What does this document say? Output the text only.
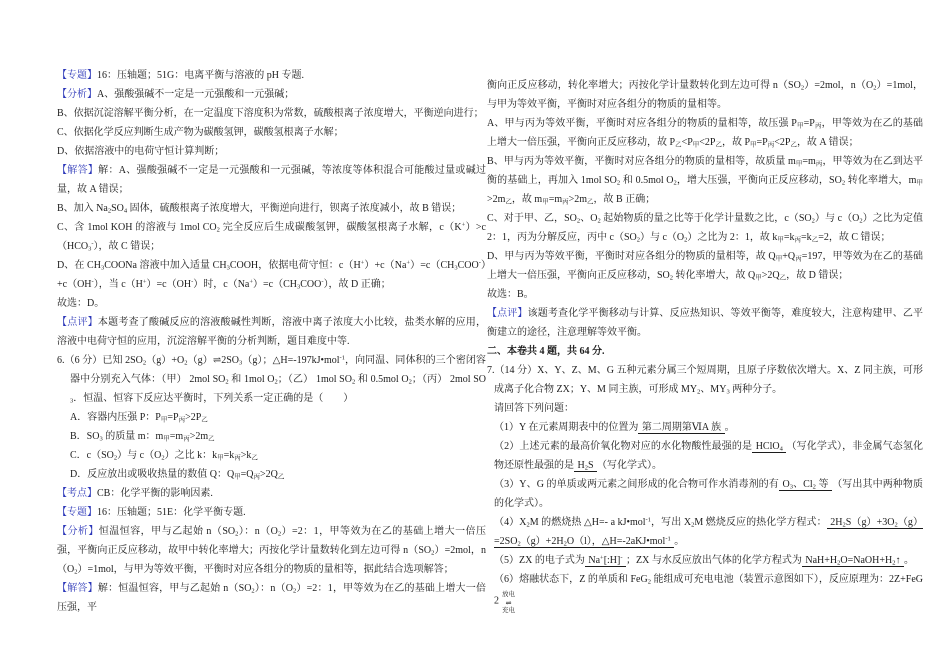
【专题】16：压轴题；51G：电离平衡与溶液的 pH 专题.

【分析】A、强酸强碱不一定是一元强酸和一元强碱；

B、依据沉淀溶解平衡分析，在一定温度下溶度积为常数，硫酸根离子浓度增大，平衡逆向进行；

C、依据化学反应判断生成产物为碳酸氢钾，碳酸氢根离子水解；

D、依据溶液中的电荷守恒计算判断；

【解答】解：A、强酸强碱不一定是一元强酸和一元强碱，等浓度等体积混合可能酸过量或碱过量，故 A 错误；

B、加入 $Na_2SO_4$ 固体，硫酸根离子浓度增大，平衡逆向进行，钡离子浓度减小，故 B 错误；

C、含 1mol KOH 的溶液与 1mol $CO_2$ 完全反应后生成碳酸氢钾，碳酸氢根离子水解，$c(K^+)>c(HCO_3^-)$，故 C 错误；

D、在 $CH_3COONa$ 溶液中加入适量 $CH_3COOH$，依据电荷守恒：$c(H^+)+c(Na^+)=c(CH_3COO^-)+c(OH^-)$，当 c（H+）=c（OH-）时，$c(Na^+)=c(CH_3COO^-)$，故 D 正确；

故选：D。

【点评】本题考查了酸碱反应的溶液酸碱性判断，溶液中离子浓度大小比较，盐类水解的应用，溶液中电荷守恒的应用，沉淀溶解平衡的分析判断，题目难度中等.

6.（6 分）已知 $2SO_2(g)+O_2(g)\rightleftharpoons 2SO_3(g)$；△H=-197kJ•mol$^{-1}$，向同温、同体积的三个密闭容器中分别充入气体：（甲） 2mol $SO_2$ 和 1mol $O_2$；（乙） 1mol $SO_2$ 和 0.5mol $O_2$；（丙） 2mol $SO_3$．恒温、恒容下反应达平衡时，下列关系一定正确的是（　　）

A．容器内压强 P：$P_甲=P_丙>2P_乙$

B．$SO_3$ 的质量 m：$m_甲=m_丙>2m_乙$

C．$c(SO_2)$与 $c(O_2)$之比 k：$k_甲=k_丙>k_乙$

D．反应放出或吸收热量的数值 Q：$Q_甲=Q_丙>2Q_乙$

【考点】CB：化学平衡的影响因素.

【专题】16：压轴题；51E：化学平衡专题.

【分析】恒温恒容，甲与乙起始 $n(SO_2)$：$n(O_2)=2$：1，甲等效为在乙的基础上增大一倍压强，平衡向正反应移动，故甲中转化率增大；丙按化学计量数转化到左边可得 $n(SO_2)=2mol$，$n(O_2)=1mol$，与甲为等效平衡，平衡时对应各组分的物质的量相等，据此结合选项解答；

【解答】解：恒温恒容，甲与乙起始 $n(SO_2)$：$n(O_2)=2$：1，甲等效为在乙的基础上增大一倍压强，平

衡向正反应移动，转化率增大；丙按化学计量数转化到左边可得 $n(SO_2)=2mol$，$n(O_2)=1mol$，与甲为等效平衡，平衡时对应各组分的物质的量相等。

A、甲与丙为等效平衡，平衡时对应各组分的物质的量相等，故压强 $P_甲=P_丙$，甲等效为在乙的基础上增大一倍压强，平衡向正反应移动，故 $P_乙<P_甲<2P_乙$，故 $P_甲=P_丙<2P_乙$，故 A 错误；

B、甲与丙为等效平衡，平衡时对应各组分的物质的量相等，故质量 $m_甲=m_丙$，甲等效为在乙到达平衡的基础上，再加入 1mol $SO_2$ 和 0.5mol $O_2$，增大压强，平衡向正反应移动，$SO_2$ 转化率增大，$m_甲>2m_乙$，故 $m_甲=m_丙>2m_乙$，故 B 正确；

C、对于甲、乙，$SO_2$、$O_2$ 起始物质的量之比等于化学计量数之比，$c(SO_2)$与 $c(O_2)$之比为定值 2：1，丙为分解反应，丙中 $c(SO_2)$与 $c(O_2)$之比为 2：1，故 $k_甲=k_丙=k_乙=2$，故 C 错误；

D、甲与丙为等效平衡，平衡时对应各组分的物质的量相等，故 $Q_甲+Q_丙=197$，甲等效为在乙的基础上增大一倍压强，平衡向正反应移动，$SO_2$ 转化率增大，故 $Q_甲>2Q_乙$，故 D 错误；

故选：B。

【点评】该题考查化学平衡移动与计算、反应热知识、等效平衡等，难度较大，注意构建甲、乙平衡建立的途径，注意理解等效平衡。

二、本卷共 4 题，共 64 分.

7.（14 分）X、Y、Z、M、G 五种元素分属三个短周期，且原子序数依次增大。X、Z 同主族，可形成离子化合物 ZX；Y、M 同主族，可形成 $MY_2$、$MY_3$ 两种分子。

请回答下列问题：

（1）Y 在元素周期表中的位置为 第二周期第ⅥA 族 。

（2）上述元素的最高价氧化物对应的水化物酸性最强的是 HClO$_4$ （写化学式），非金属气态氢化物还原性最强的是 $H_2S$ （写化学式）。

（3）Y、G 的单质或两元素之间形成的化合物可作水消毒剂的有 $O_3$、$Cl_2$ 等 （写出其中两种物质的化学式）。

$(4)X_2M$ 的燃烧热 △H=- a kJ•mol$^{-1}$，写出 $X_2M$ 燃烧反应的热化学方程式： $2H_2S(g)+3O_2(g)=2SO_2(g)+2H_2O(l)$，△H=-2aKJ•mol$^{-1}$ 。

（5）ZX 的电子式为 Na+[:H]- ；ZX 与水反应放出气体的化学方程式为 $NaH+H_2O=NaOH+H_2↑$ 。

（6）熔融状态下，Z 的单质和 FeG$_2$ 能组成可充电电池（装置示意图如下），反应原理为：2Z+FeG2
放电
⇌
充电
